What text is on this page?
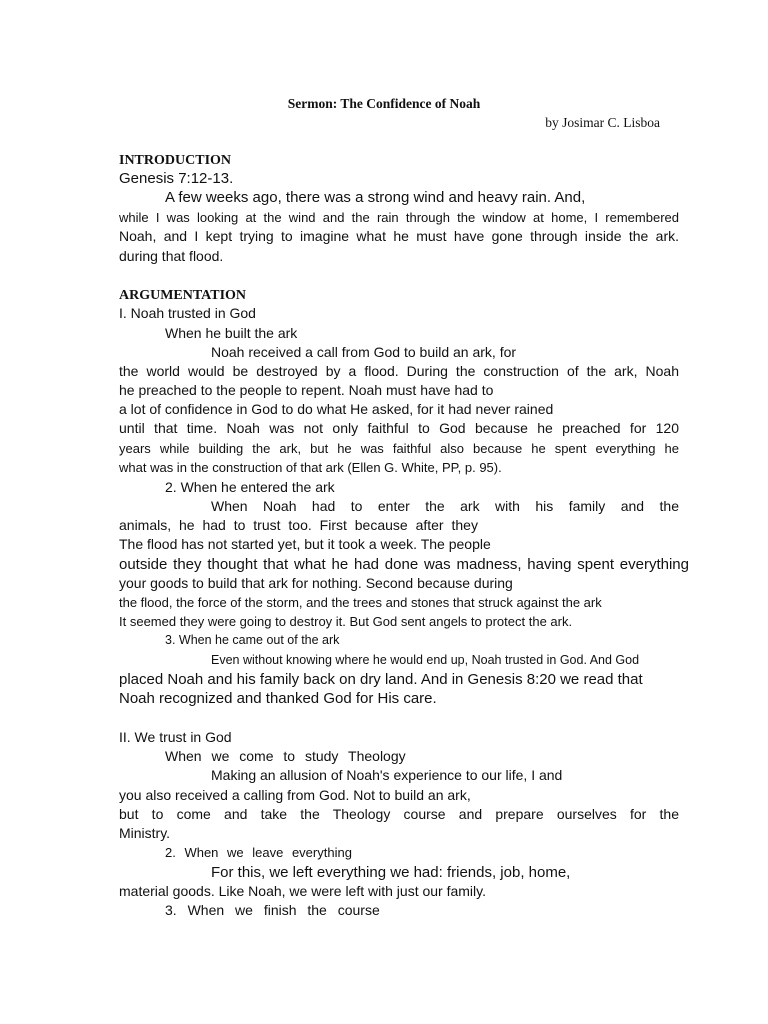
Sermon: The Confidence of Noah
by Josimar C. Lisboa
INTRODUCTION
Genesis 7:12-13.
A few weeks ago, there was a strong wind and heavy rain. And,
while I was looking at the wind and the rain through the window at home, I remembered
Noah, and I kept trying to imagine what he must have gone through inside the ark.
during that flood.
ARGUMENTATION
I. Noah trusted in God
When he built the ark
Noah received a call from God to build an ark, for
the world would be destroyed by a flood. During the construction of the ark, Noah
he preached to the people to repent. Noah must have had to
a lot of confidence in God to do what He asked, for it had never rained
until that time. Noah was not only faithful to God because he preached for 120
years while building the ark, but he was faithful also because he spent everything he
what was in the construction of that ark (Ellen G. White, PP, p. 95).
2. When he entered the ark
When Noah had to enter the ark with his family and the
animals, he had to trust too. First because after they
The flood has not started yet, but it took a week. The people
outside they thought that what he had done was madness, having spent everything
your goods to build that ark for nothing. Second because during
the flood, the force of the storm, and the trees and stones that struck against the ark
It seemed they were going to destroy it. But God sent angels to protect the ark.
3. When he came out of the ark
Even without knowing where he would end up, Noah trusted in God. And God
placed Noah and his family back on dry land. And in Genesis 8:20 we read that
Noah recognized and thanked God for His care.
II. We trust in God
When we come to study Theology
Making an allusion of Noah's experience to our life, I and
you also received a calling from God. Not to build an ark,
but to come and take the Theology course and prepare ourselves for the
Ministry.
2. When we leave everything
For this, we left everything we had: friends, job, home,
material goods. Like Noah, we were left with just our family.
3. When we finish the course
